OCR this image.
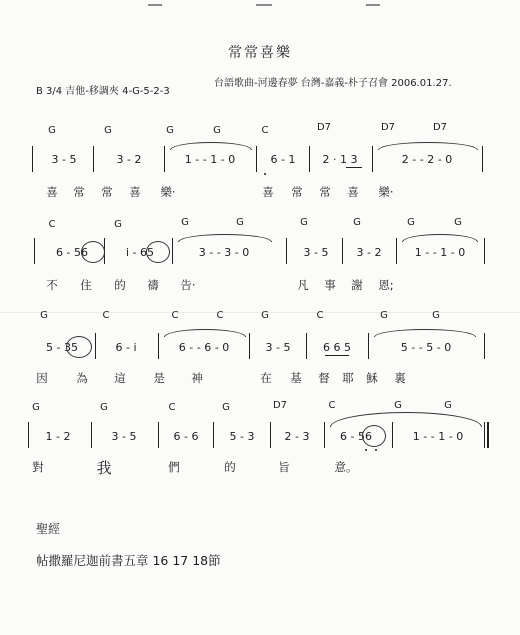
常常喜樂
B 3/4 吉他-移調夾 4-G-5-2-3
台語歌曲-河邊春夢 台灣-嘉義-朴子召會 2006.01.27.
G	G	G	G	C	D7	D7	D7
3 - 5	3 - 2	1 - - 1 - 0	6 - 1 2 · 1 3	2 - - 2 - 0
喜 常 常 喜 樂·	喜 常 常 喜 樂·
C	G	G	G	G	G	G	G
6 - 56	i - 65	3 - - 3 - 0	3 - 5	3 - 2	1 - - 1 - 0
不 住 的 禱 告·	凡 事 謝 恩;
G	C	C	C	G	C	G	G
5 - 35	6 - i	6 - - 6 - 0	3 - 5	6 6 5	5 - - 5 - 0
因 為 這 是 神	在 基 督 耶 穌 裏
G	G	C	G	D7	C	G	G
1 - 2	3 - 5	6 - 6	5 - 3	2 - 3	6 - 56	1 - - 1 - 0
對	我	們	的	旨	意。
聖經
帖撒羅尼迦前書五章 16 17 18節
